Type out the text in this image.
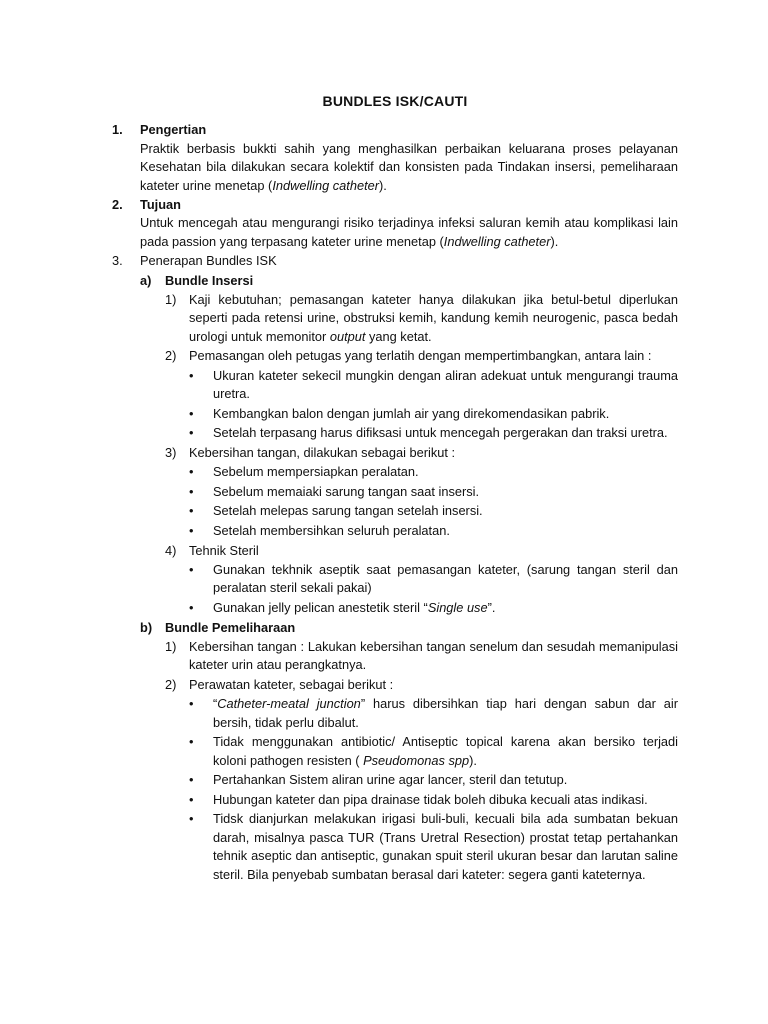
BUNDLES ISK/CAUTI
1. Pengertian
Praktik berbasis bukkti sahih yang menghasilkan perbaikan keluarana proses pelayanan Kesehatan bila dilakukan secara kolektif dan konsisten pada Tindakan insersi, pemeliharaan kateter urine menetap (Indwelling catheter).
2. Tujuan
Untuk mencegah atau mengurangi risiko terjadinya infeksi saluran kemih atau komplikasi lain pada passion yang terpasang kateter urine menetap (Indwelling catheter).
3. Penerapan Bundles ISK
a) Bundle Insersi
1) Kaji kebutuhan; pemasangan kateter hanya dilakukan jika betul-betul diperlukan seperti pada retensi urine, obstruksi kemih, kandung kemih neurogenic, pasca bedah urologi untuk memonitor output yang ketat.
2) Pemasangan oleh petugas yang terlatih dengan mempertimbangkan, antara lain :
• Ukuran kateter sekecil mungkin dengan aliran adekuat untuk mengurangi trauma uretra.
• Kembangkan balon dengan jumlah air yang direkomendasikan pabrik.
• Setelah terpasang harus difiksasi untuk mencegah pergerakan dan traksi uretra.
3) Kebersihan tangan, dilakukan sebagai berikut :
• Sebelum mempersiapkan peralatan.
• Sebelum memaiaki sarung tangan saat insersi.
• Setelah melepas sarung tangan setelah insersi.
• Setelah membersihkan seluruh peralatan.
4) Tehnik Steril
• Gunakan tekhnik aseptik saat pemasangan kateter, (sarung tangan steril dan peralatan steril sekali pakai)
• Gunakan jelly pelican anestetik steril “Single use”.
b) Bundle Pemeliharaan
1) Kebersihan tangan : Lakukan kebersihan tangan senelum dan sesudah memanipulasi kateter urin atau perangkatnya.
2) Perawatan kateter, sebagai berikut :
• “Catheter-meatal junction” harus dibersihkan tiap hari dengan sabun dar air bersih, tidak perlu dibalut.
• Tidak menggunakan antibiotic/ Antiseptic topical karena akan bersiko terjadi koloni pathogen resisten ( Pseudomonas spp).
• Pertahankan Sistem aliran urine agar lancer, steril dan tetutup.
• Hubungan kateter dan pipa drainase tidak boleh dibuka kecuali atas indikasi.
• Tidsk dianjurkan melakukan irigasi buli-buli, kecuali bila ada sumbatan bekuan darah, misalnya pasca TUR (Trans Uretral Resection) prostat tetap pertahankan tehnik aseptic dan antiseptic, gunakan spuit steril ukuran besar dan larutan saline steril. Bila penyebab sumbatan berasal dari kateter: segera ganti kateternya.
